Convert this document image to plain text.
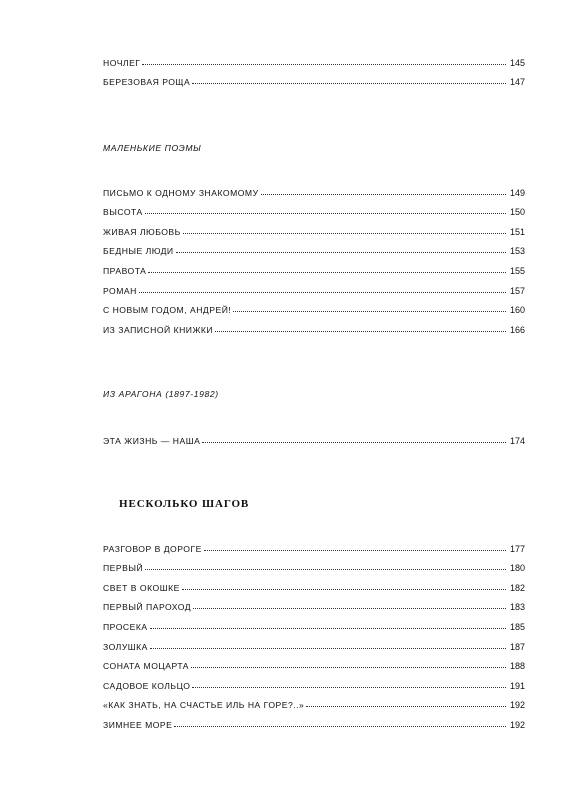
НОЧЛЕГ	145
БЕРЕЗОВАЯ РОЩА	147
МАЛЕНЬКИЕ ПОЭМЫ
ПИСЬМО К ОДНОМУ ЗНАКОМОМУ	149
ВЫСОТА	150
ЖИВАЯ ЛЮБОВЬ	151
БЕДНЫЕ ЛЮДИ	153
ПРАВОТА	155
РОМАН	157
С НОВЫМ ГОДОМ, АНДРЕЙ!	160
ИЗ ЗАПИСНОЙ КНИЖКИ	166
ИЗ АРАГОНА (1897-1982)
ЭТА ЖИЗНЬ — НАША	174
НЕСКОЛЬКО ШАГОВ
РАЗГОВОР В ДОРОГЕ	177
ПЕРВЫЙ	180
СВЕТ В ОКОШКЕ	182
ПЕРВЫЙ ПАРОХОД	183
ПРОСЕКА	185
ЗОЛУШКА	187
СОНАТА МОЦАРТА	188
САДОВОЕ КОЛЬЦО	191
«КАК ЗНАТЬ, НА СЧАСТЬЕ ИЛЬ НА ГОРЕ?..»	192
ЗИМНЕЕ МОРЕ	192
